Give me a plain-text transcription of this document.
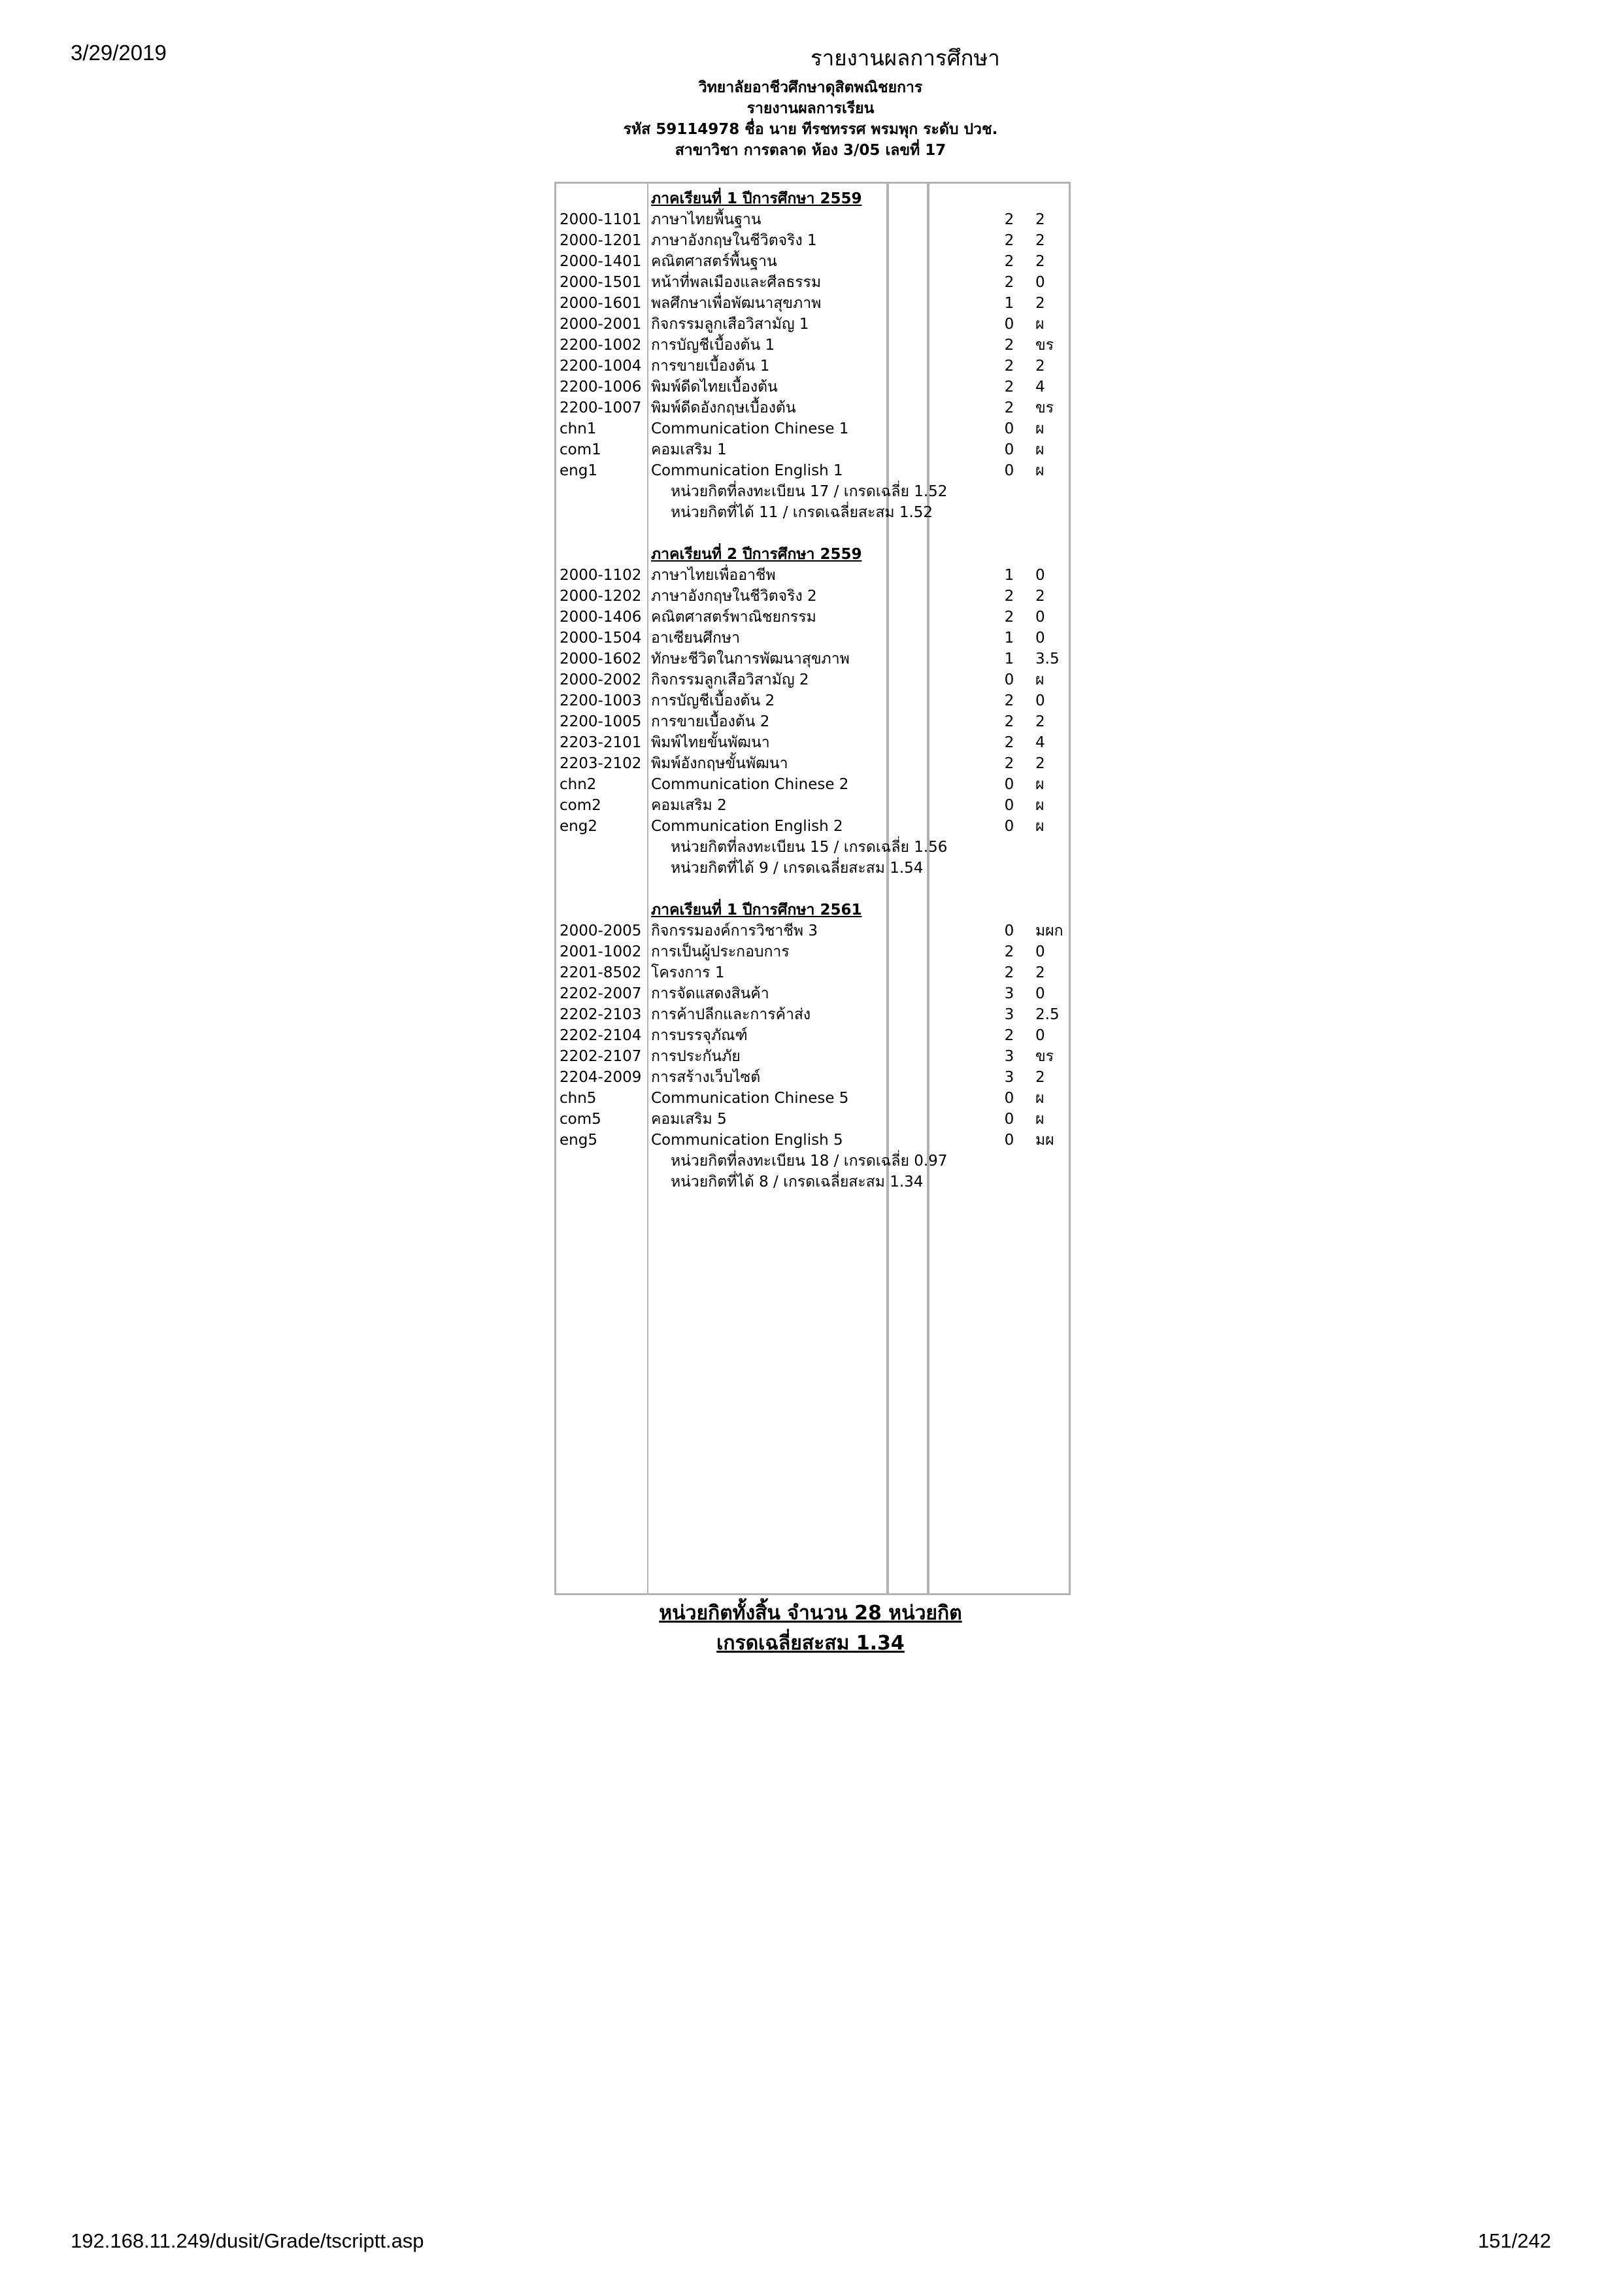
3/29/2019	รายงานผลการศึกษา
วิทยาลัยอาชีวศึกษาดุสิตพณิชยการ
รายงานผลการเรียน
รหัส 59114978 ชื่อ นาย ทีรชทรรศ พรมพุก ระดับ ปวช.
สาขาวิชา การตลาด ห้อง 3/05 เลขที่ 17
ภาคเรียนที่ 1 ปีการศึกษา 2559
2000-1101 ภาษาไทยพื้นฐาน	2 2
2000-1201 ภาษาอังกฤษในชีวิตจริง 1	2 2
2000-1401 คณิตศาสตร์พื้นฐาน	2 2
2000-1501 หน้าที่พลเมืองและศีลธรรม	2 0
2000-1601 พลศึกษาเพื่อพัฒนาสุขภาพ	1 2
2000-2001 กิจกรรมลูกเสือวิสามัญ 1	0 ผ
2200-1002 การบัญชีเบื้องต้น 1	2 ขร
2200-1004 การขายเบื้องต้น 1	2 2
2200-1006 พิมพ์ดีดไทยเบื้องต้น	2 4
2200-1007 พิมพ์ดีดอังกฤษเบื้องต้น	2 ขร
chn1	Communication Chinese 1	0 ผ
com1	คอมเสริม 1	0 ผ
eng1	Communication English 1	0 ผ
หน่วยกิตที่ลงทะเบียน 17 / เกรดเฉลี่ย 1.52
หน่วยกิตที่ได้ 11 / เกรดเฉลี่ยสะสม 1.52
ภาคเรียนที่ 2 ปีการศึกษา 2559
2000-1102 ภาษาไทยเพื่ออาชีพ	1 0
2000-1202 ภาษาอังกฤษในชีวิตจริง 2	2 2
2000-1406 คณิตศาสตร์พาณิชยกรรม	2 0
2000-1504 อาเซียนศึกษา	1 0
2000-1602 ทักษะชีวิตในการพัฒนาสุขภาพ	1 3.5
2000-2002 กิจกรรมลูกเสือวิสามัญ 2	0 ผ
2200-1003 การบัญชีเบื้องต้น 2	2 0
2200-1005 การขายเบื้องต้น 2	2 2
2203-2101 พิมพ์ไทยขั้นพัฒนา	2 4
2203-2102 พิมพ์อังกฤษขั้นพัฒนา	2 2
chn2	Communication Chinese 2	0 ผ
com2	คอมเสริม 2	0 ผ
eng2	Communication English 2	0 ผ
หน่วยกิตที่ลงทะเบียน 15 / เกรดเฉลี่ย 1.56
หน่วยกิตที่ได้ 9 / เกรดเฉลี่ยสะสม 1.54
ภาคเรียนที่ 1 ปีการศึกษา 2561
2000-2005 กิจกรรมองค์การวิชาชีพ 3	0 มผก
2001-1002 การเป็นผู้ประกอบการ	2 0
2201-8502 โครงการ 1	2 2
2202-2007 การจัดแสดงสินค้า	3 0
2202-2103 การค้าปลีกและการค้าส่ง	3 2.5
2202-2104 การบรรจุภัณฑ์	2 0
2202-2107 การประกันภัย	3 ขร
2204-2009 การสร้างเว็บไซต์	3 2
chn5	Communication Chinese 5	0 ผ
com5	คอมเสริม 5	0 ผ
eng5	Communication English 5	0 มผ
หน่วยกิตที่ลงทะเบียน 18 / เกรดเฉลี่ย 0.97
หน่วยกิตที่ได้ 8 / เกรดเฉลี่ยสะสม 1.34
หน่วยกิตทั้งสิ้น จำนวน 28 หน่วยกิต
เกรดเฉลี่ยสะสม 1.34
192.168.11.249/dusit/Grade/tscriptt.asp	151/242
